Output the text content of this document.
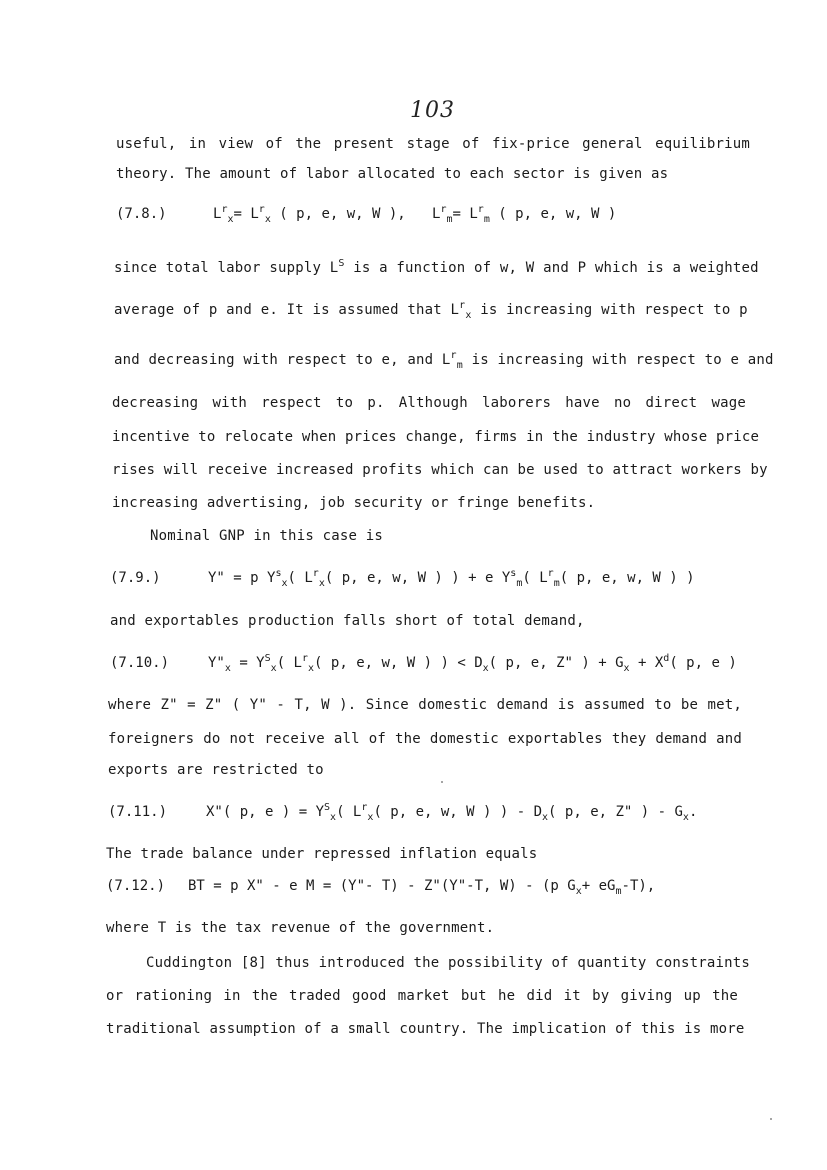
103
useful, in view of the present stage of fix-price general equilibrium
theory. The amount of labor allocated to each sector is given as
(7.8.)	$L^r_x= L^r_x$ ( p, e, w, W ), $L^r_m= L^r_m$ ( p, e, w, W )
since total labor supply $L^S$ is a function of w, W and P which is a weighted
average of p and e. It is assumed that $L^r_x$ is increasing with respect to p
and decreasing with respect to e, and $L^r_m$ is increasing with respect to e and
decreasing with respect to p. Although laborers have no direct wage
incentive to relocate when prices change, firms in the industry whose price
rises will receive increased profits which can be used to attract workers by
increasing advertising, job security or fringe benefits.
Nominal GNP in this case is
(7.9.)	Y" = p $Y^s_x$( $L^r_x$( p, e, w, W ) ) + e $Y^s_m$( $L^r_m$( p, e, w, W ) )
and exportables production falls short of total demand,
(7.10.)	$Y"_x = Y^S_x$( $L^r_x$( p, e, w, W ) ) < $D_x$( p, e, Z" ) + $G_x + X^d$( p, e )
where Z" = Z" ( Y" - T, W ). Since domestic demand is assumed to be met,
foreigners do not receive all of the domestic exportables they demand and
exports are restricted to
(7.11.)	X"( p, e ) = $Y^S_x$( $L^r_x$( p, e, w, W ) ) - $D_x$( p, e, Z" ) - $G_x$.
The trade balance under repressed inflation equals
(7.12.) BT = p X" - e M = (Y"- T) - Z"(Y"-T, W) - (p $G_x+ eG_m-T$),
where T is the tax revenue of the government.
Cuddington [8] thus introduced the possibility of quantity constraints
or rationing in the traded good market but he did it by giving up the
traditional assumption of a small country. The implication of this is more
